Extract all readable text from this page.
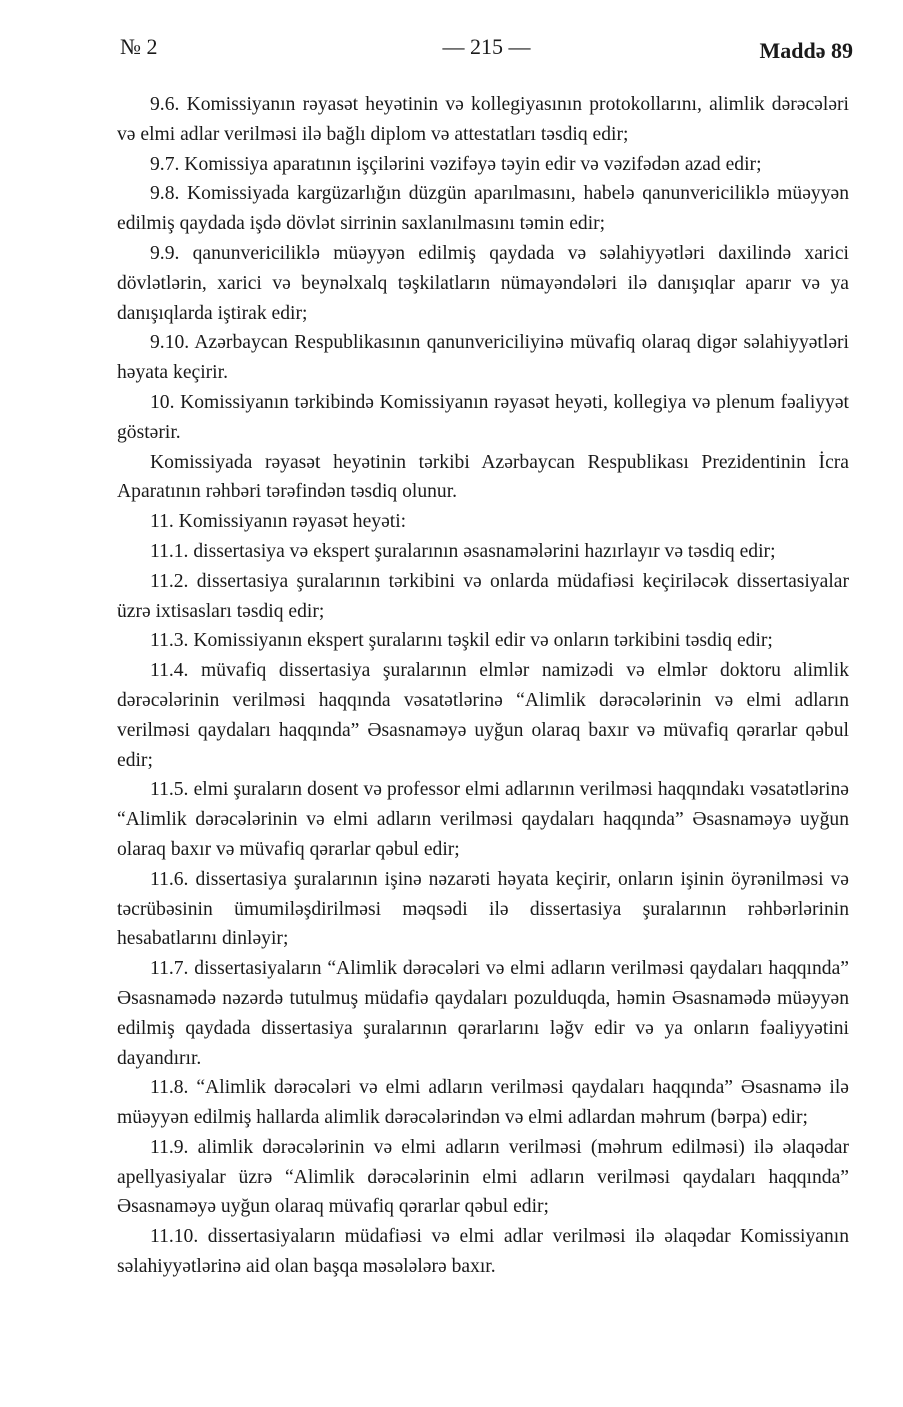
№ 2	— 215 —	Maddə 89

9.6. Komissiyanın rəyasət heyətinin və kollegiyasının protokollarını, alimlik dərəcələri və elmi adlar verilməsi ilə bağlı diplom və attestatları təsdiq edir;

9.7. Komissiya aparatının işçilərini vəzifəyə təyin edir və vəzifədən azad edir;

9.8. Komissiyada kargüzarlığın düzgün aparılmasını, habelə qanunvericiliklə müəyyən edilmiş qaydada işdə dövlət sirrinin saxlanılmasını təmin edir;

9.9. qanunvericiliklə müəyyən edilmiş qaydada və səlahiyyətləri daxilində xarici dövlətlərin, xarici və beynəlxalq təşkilatların nümayəndələri ilə danışıqlar aparır və ya danışıqlarda iştirak edir;

9.10. Azərbaycan Respublikasının qanunvericiliyinə müvafiq olaraq digər səlahiyyətləri həyata keçirir.

10. Komissiyanın tərkibində Komissiyanın rəyasət heyəti, kollegiya və plenum fəaliyyət göstərir.

Komissiyada rəyasət heyətinin tərkibi Azərbaycan Respublikası Prezidentinin İcra Aparatının rəhbəri tərəfindən təsdiq olunur.

11. Komissiyanın rəyasət heyəti:

11.1. dissertasiya və ekspert şuralarının əsasnamələrini hazırlayır və təsdiq edir;

11.2. dissertasiya şuralarının tərkibini və onlarda müdafiəsi keçiriləcək dissertasiyalar üzrə ixtisasları təsdiq edir;

11.3. Komissiyanın ekspert şuralarını təşkil edir və onların tərkibini təsdiq edir;

11.4. müvafiq dissertasiya şuralarının elmlər namizədi və elmlər doktoru alimlik dərəcələrinin verilməsi haqqında vəsatətlərinə “Alimlik dərəcələrinin və elmi adların verilməsi qaydaları haqqında” Əsasnaməyə uyğun olaraq baxır və müvafiq qərarlar qəbul edir;

11.5. elmi şuraların dosent və professor elmi adlarının verilməsi haqqındakı vəsatətlərinə “Alimlik dərəcələrinin və elmi adların verilməsi qaydaları haqqında” Əsasnaməyə uyğun olaraq baxır və müvafiq qərarlar qəbul edir;

11.6. dissertasiya şuralarının işinə nəzarəti həyata keçirir, onların işinin öyrənilməsi və təcrübəsinin ümumiləşdirilməsi məqsədi ilə dissertasiya şuralarının rəhbərlərinin hesabatlarını dinləyir;

11.7. dissertasiyaların “Alimlik dərəcələri və elmi adların verilməsi qaydaları haqqında” Əsasnamədə nəzərdə tutulmuş müdafiə qaydaları pozulduqda, həmin Əsasnamədə müəyyən edilmiş qaydada dissertasiya şuralarının qərarlarını ləğv edir və ya onların fəaliyyətini dayandırır.

11.8. “Alimlik dərəcələri və elmi adların verilməsi qaydaları haqqında” Əsasnamə ilə müəyyən edilmiş hallarda alimlik dərəcələrindən və elmi adlardan məhrum (bərpa) edir;

11.9. alimlik dərəcələrinin və elmi adların verilməsi (məhrum edilməsi) ilə əlaqədar apellyasiyalar üzrə “Alimlik dərəcələrinin elmi adların verilməsi qaydaları haqqında” Əsasnaməyə uyğun olaraq müvafiq qərarlar qəbul edir;

11.10. dissertasiyaların müdafiəsi və elmi adlar verilməsi ilə əlaqədar Komissiyanın səlahiyyətlərinə aid olan başqa məsələlərə baxır.
